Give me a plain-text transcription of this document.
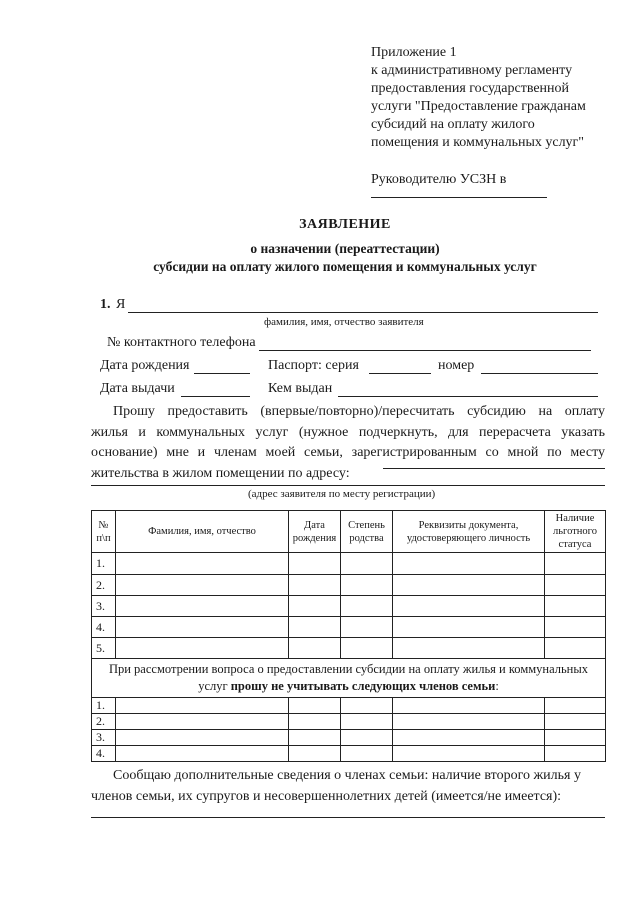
Приложение 1
к административному регламенту
предоставления государственной
услуги "Предоставление гражданам
субсидий на оплату жилого
помещения и коммунальных услуг"
Руководителю УСЗН в
ЗАЯВЛЕНИЕ
о назначении (переаттестации)
субсидии на оплату жилого помещения и коммунальных услуг
1. Я
фамилия, имя, отчество заявителя
№ контактного телефона
Дата рождения	Паспорт: серия	номер
Дата выдачи	Кем выдан
Прошу предоставить (впервые/повторно)/пересчитать субсидию на оплату
жилья и коммунальных услуг (нужное подчеркнуть, для перерасчета указать
основание) мне и членам моей семьи, зарегистрированным со мной по месту
жительства в жилом помещении по адресу:
(адрес заявителя по месту регистрации)
№ п\п	Фамилия, имя, отчество	Дата рождения	Степень родства	Реквизиты документа, удостоверяющего личность	Наличие льготного статуса
1.					
2.					
3.					
4.					
5.					
При рассмотрении вопроса о предоставлении субсидии на оплату жилья и коммунальных
услуг прошу не учитывать следующих членов семьи:					
1.					
2.					
3.					
4.					
Сообщаю дополнительные сведения о членах семьи: наличие второго жилья у
членов семьи, их супругов и несовершеннолетних детей (имеется/не имеется):
